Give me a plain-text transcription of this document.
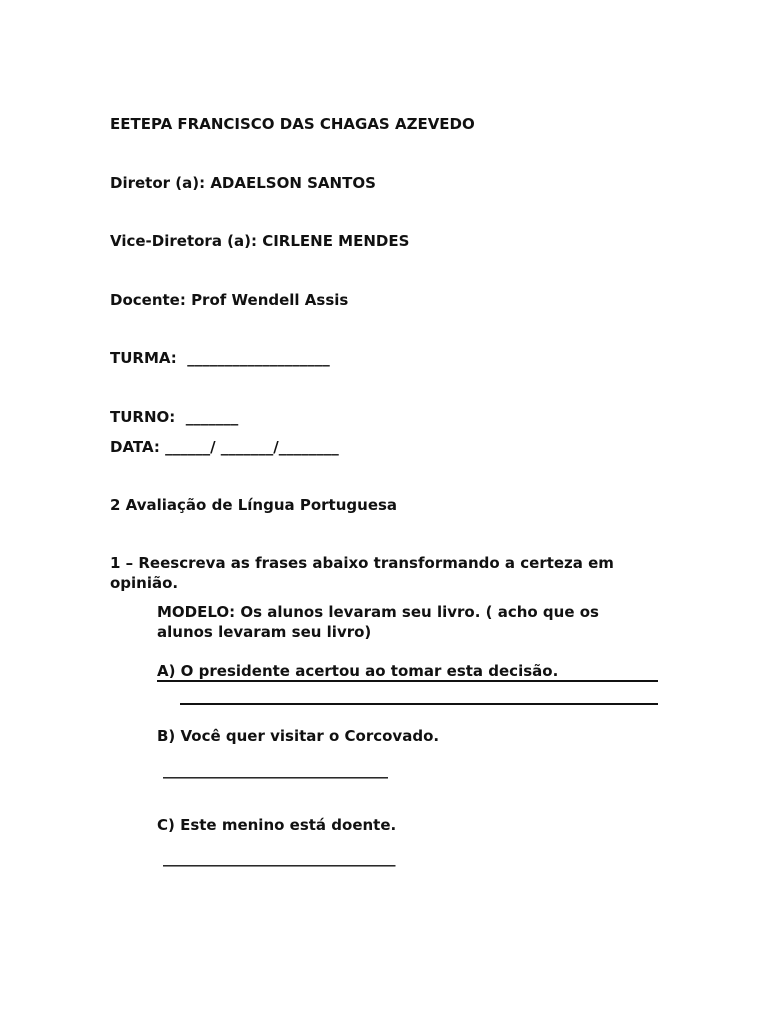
EETEPA FRANCISCO DAS CHAGAS AZEVEDO
Diretor (a): ADAELSON SANTOS
Vice-Diretora (a): CIRLENE MENDES
Docente: Prof Wendell Assis
TURMA:  ___________________
TURNO:  _______
DATA: ______/ _______/________
2 Avaliação de Língua Portuguesa
1 – Reescreva as frases abaixo transformando a certeza em opinião.
MODELO: Os alunos levaram seu livro. ( acho que os alunos levaram seu livro)
A) O presidente acertou ao tomar esta decisão.
B) Você quer visitar o Corcovado.
______________________________
C) Este menino está doente.
_______________________________
